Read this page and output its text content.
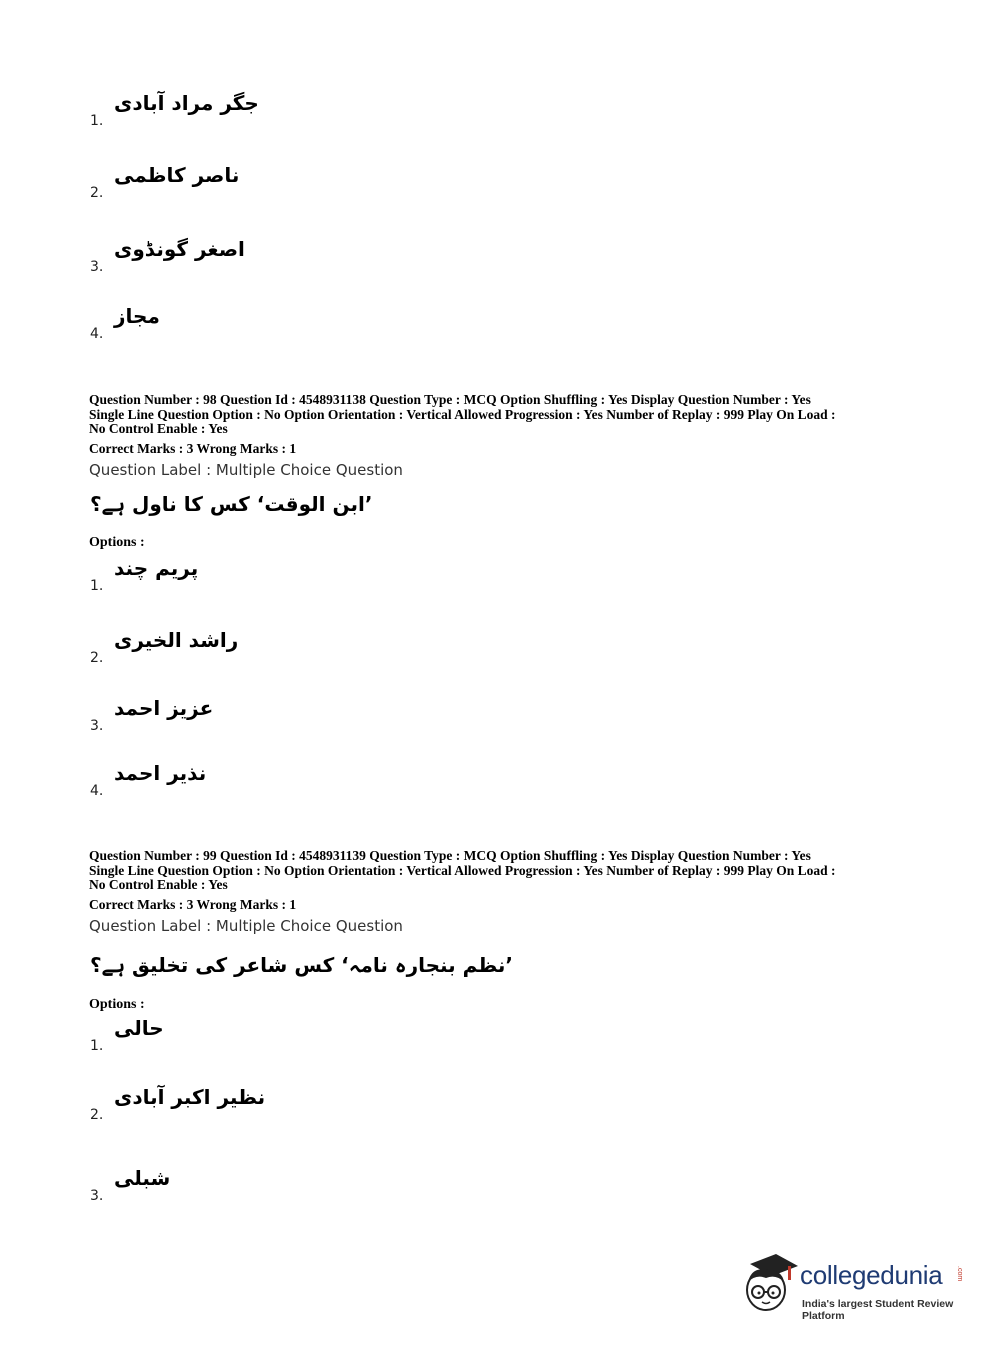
1.
جگر مراد آبادی
2.
ناصر کاظمی
3.
اصغر گونڈوی
4.
مجاز
Question Number : 98 Question Id : 4548931138 Question Type : MCQ Option Shuffling : Yes Display Question Number : Yes
Single Line Question Option : No Option Orientation : Vertical Allowed Progression : Yes Number of Replay : 999 Play On Load :
No Control Enable : Yes
Correct Marks : 3 Wrong Marks : 1
Question Label : Multiple Choice Question
’ابن الوقت‘ کس کا ناول ہے؟
Options :
1.
پریم چند
2.
راشد الخیری
3.
عزیز احمد
4.
نذیر احمد
Question Number : 99 Question Id : 4548931139 Question Type : MCQ Option Shuffling : Yes Display Question Number : Yes
Single Line Question Option : No Option Orientation : Vertical Allowed Progression : Yes Number of Replay : 999 Play On Load :
No Control Enable : Yes
Correct Marks : 3 Wrong Marks : 1
Question Label : Multiple Choice Question
’نظم بنجارہ نامہ‘ کس شاعر کی تخلیق ہے؟
Options :
1.
حالی
2.
نظیر اکبر آبادی
3.
شبلی
collegedunia .com
India's largest Student Review Platform
